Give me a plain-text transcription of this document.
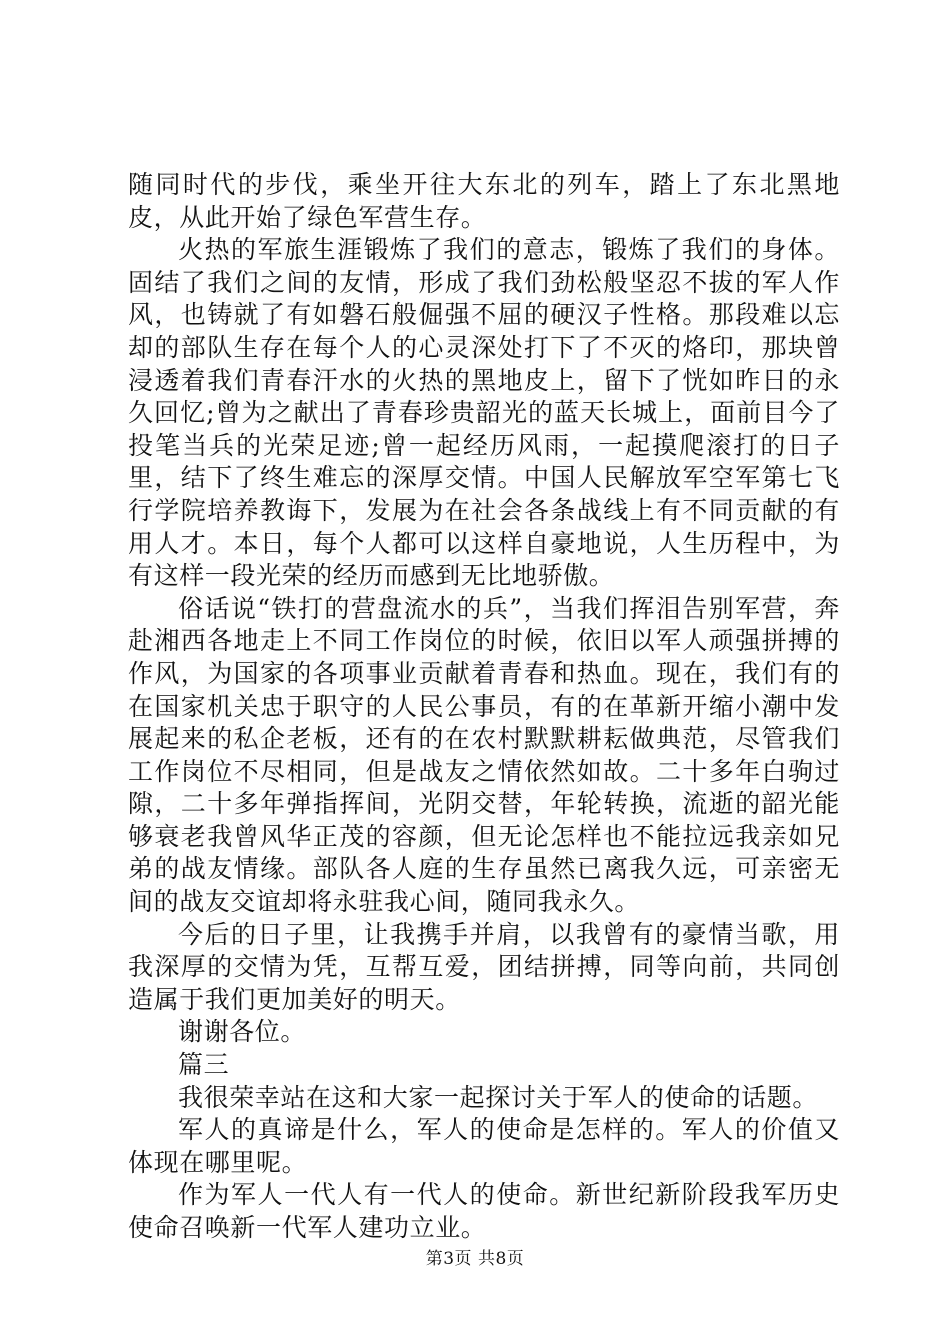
随同时代的步伐，乘坐开往大东北的列车，踏上了东北黑地皮，从此开始了绿色军营生存。

火热的军旅生涯锻炼了我们的意志，锻炼了我们的身体。固结了我们之间的友情，形成了我们劲松般坚忍不拔的军人作风，也铸就了有如磐石般倔强不屈的硬汉子性格。那段难以忘却的部队生存在每个人的心灵深处打下了不灭的烙印，那块曾浸透着我们青春汗水的火热的黑地皮上，留下了恍如昨日的永久回忆;曾为之献出了青春珍贵韶光的蓝天长城上，面前目今了投笔当兵的光荣足迹;曾一起经历风雨，一起摸爬滚打的日子里，结下了终生难忘的深厚交情。中国人民解放军空军第七飞行学院培养教诲下，发展为在社会各条战线上有不同贡献的有用人才。本日，每个人都可以这样自豪地说，人生历程中，为有这样一段光荣的经历而感到无比地骄傲。

俗话说“铁打的营盘流水的兵”，当我们挥泪告别军营，奔赴湘西各地走上不同工作岗位的时候，依旧以军人顽强拼搏的作风，为国家的各项事业贡献着青春和热血。现在，我们有的在国家机关忠于职守的人民公事员，有的在革新开缩小潮中发展起来的私企老板，还有的在农村默默耕耘做典范，尽管我们工作岗位不尽相同，但是战友之情依然如故。二十多年白驹过隙，二十多年弹指挥间，光阴交替，年轮转换，流逝的韶光能够衰老我曾风华正茂的容颜，但无论怎样也不能拉远我亲如兄弟的战友情缘。部队各人庭的生存虽然已离我久远，可亲密无间的战友交谊却将永驻我心间，随同我永久。

今后的日子里，让我携手并肩，以我曾有的豪情当歌，用我深厚的交情为凭，互帮互爱，团结拼搏，同等向前，共同创造属于我们更加美好的明天。

谢谢各位。

篇三

我很荣幸站在这和大家一起探讨关于军人的使命的话题。

军人的真谛是什么，军人的使命是怎样的。军人的价值又体现在哪里呢。

作为军人一代人有一代人的使命。新世纪新阶段我军历史使命召唤新一代军人建功立业。

第3页 共8页
